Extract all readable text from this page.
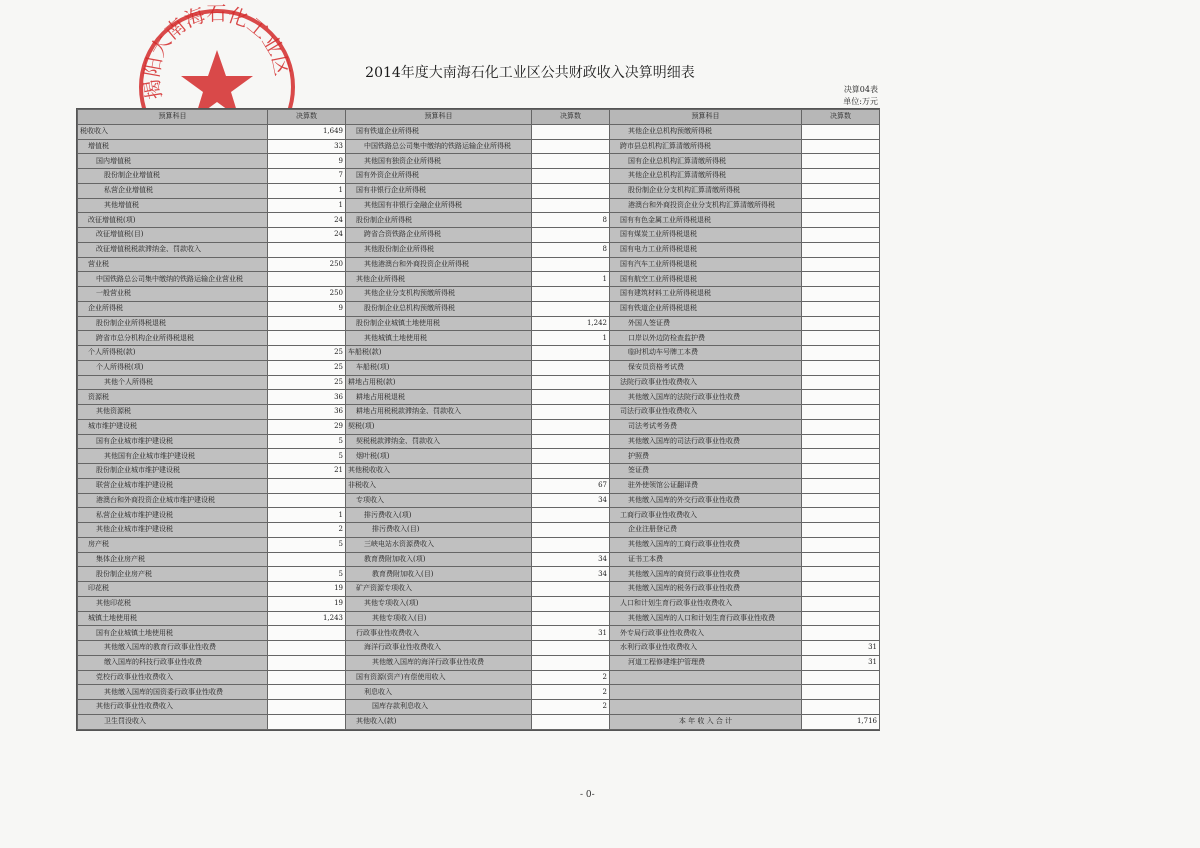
揭阳大南海石化工业区	2014年度大南海石化工业区公共财政收入决算明细表
决算04表
单位:万元
预算科目	决算数	预算科目	决算数	预算科目	决算数
税收收入	1,649	国有铁道企业所得税		其他企业总机构预缴所得税	
增值税	33	中国铁路总公司集中缴纳的铁路运输企业所得税		跨市县总机构汇算清缴所得税	
国内增值税	9	其他国有独资企业所得税		国有企业总机构汇算清缴所得税	
股份制企业增值税	7	国有外资企业所得税		其他企业总机构汇算清缴所得税	
私营企业增值税	1	国有非银行企业所得税		股份制企业分支机构汇算清缴所得税	
其他增值税	1	其他国有非银行金融企业所得税		港澳台和外商投资企业分支机构汇算清缴所得税	
改征增值税(项)	24	股份制企业所得税	8	国有有色金属工业所得税退税	
改征增值税(目)	24	跨省合资铁路企业所得税		国有煤炭工业所得税退税	
改征增值税税款滞纳金、罚款收入		其他股份制企业所得税	8	国有电力工业所得税退税	
营业税	250	其他港澳台和外商投资企业所得税		国有汽车工业所得税退税	
中国铁路总公司集中缴纳的铁路运输企业营业税		其他企业所得税	1	国有航空工业所得税退税	
一般营业税	250	其他企业分支机构预缴所得税		国有建筑材料工业所得税退税	
企业所得税	9	股份制企业总机构预缴所得税		国有铁道企业所得税退税	
股份制企业所得税退税		股份制企业城镇土地使用税	1,242	外国人签证费	
跨省市总分机构企业所得税退税		其他城镇土地使用税	1	口岸以外边防检查监护费	
个人所得税(款)	25	车船税(款)		临时机动车号牌工本费	
个人所得税(项)	25	车船税(项)		保安员资格考试费	
其他个人所得税	25	耕地占用税(款)		法院行政事业性收费收入	
资源税	36	耕地占用税退税		其他缴入国库的法院行政事业性收费	
其他资源税	36	耕地占用税税款滞纳金、罚款收入		司法行政事业性收费收入	
城市维护建设税	29	契税(项)		司法考试考务费	
国有企业城市维护建设税	5	契税税款滞纳金、罚款收入		其他缴入国库的司法行政事业性收费	
其他国有企业城市维护建设税	5	烟叶税(项)		护照费	
股份制企业城市维护建设税	21	其他税收收入		签证费	
联营企业城市维护建设税		非税收入	67	驻外使领馆公证翻译费	
港澳台和外商投资企业城市维护建设税		专项收入	34	其他缴入国库的外交行政事业性收费	
私营企业城市维护建设税	1	排污费收入(项)		工商行政事业性收费收入	
其他企业城市维护建设税	2	排污费收入(目)		企业注册登记费	
房产税	5	三峡电站水资源费收入		其他缴入国库的工商行政事业性收费	
集体企业房产税		教育费附加收入(项)	34	证书工本费	
股份制企业房产税	5	教育费附加收入(目)	34	其他缴入国库的商贸行政事业性收费	
印花税	19	矿产资源专项收入		其他缴入国库的税务行政事业性收费	
其他印花税	19	其他专项收入(项)		人口和计划生育行政事业性收费收入	
城镇土地使用税	1,243	其他专项收入(目)		其他缴入国库的人口和计划生育行政事业性收费	
国有企业城镇土地使用税		行政事业性收费收入	31	外专局行政事业性收费收入	
其他缴入国库的教育行政事业性收费		海洋行政事业性收费收入		水利行政事业性收费收入	31
缴入国库的科技行政事业性收费		其他缴入国库的海洋行政事业性收费		河道工程修建维护管理费	31
党校行政事业性收费收入		国有资源(资产)有偿使用收入	2		
其他缴入国库的国资委行政事业性收费		利息收入	2		
其他行政事业性收费收入		国库存款利息收入	2		
卫生罚没收入		其他收入(款)		本 年 收 入 合 计	1,716
- 0-
